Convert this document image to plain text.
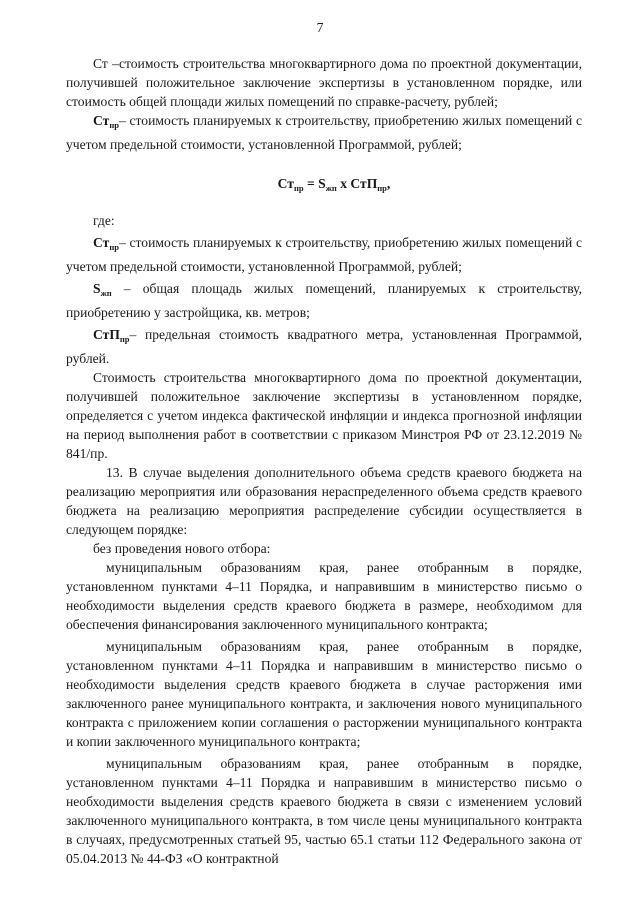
7

Ст –стоимость строительства многоквартирного дома по проектной документации, получившей положительное заключение экспертизы в установленном порядке, или стоимость общей площади жилых помещений по справке-расчету, рублей;

$Ст_{пр}-$ стоимость планируемых к строительству, приобретению жилых помещений с учетом предельной стоимости, установленной Программой, рублей;

$Ст_{пр} = S_{жп}$ х СтП$_{пр}$,

где:

$Ст_{пр}-$ стоимость планируемых к строительству, приобретению жилых помещений с учетом предельной стоимости, установленной Программой, рублей;

$S_{жп}$ – общая площадь жилых помещений, планируемых к строительству, приобретению у застройщика, кв. метров;

СтП$_{пр}$– предельная стоимость квадратного метра, установленная Программой, рублей.

Стоимость строительства многоквартирного дома по проектной документации, получившей положительное заключение экспертизы в установленном порядке, определяется с учетом индекса фактической инфляции и индекса прогнозной инфляции на период выполнения работ в соответствии с приказом Минстроя РФ от 23.12.2019 № 841/пр.

13. В случае выделения дополнительного объема средств краевого бюджета на реализацию мероприятия или образования нераспределенного объема средств краевого бюджета на реализацию мероприятия распределение субсидии осуществляется в следующем порядке:

без проведения нового отбора:

муниципальным образованиям края, ранее отобранным в порядке, установленном пунктами 4–11 Порядка, и направившим в министерство письмо о необходимости выделения средств краевого бюджета в размере, необходимом для обеспечения финансирования заключенного муниципального контракта;

муниципальным образованиям края, ранее отобранным в порядке, установленном пунктами 4–11 Порядка и направившим в министерство письмо о необходимости выделения средств краевого бюджета в случае расторжения ими заключенного ранее муниципального контракта, и заключения нового муниципального контракта с приложением копии соглашения о расторжении муниципального контракта и копии заключенного муниципального контракта;

муниципальным образованиям края, ранее отобранным в порядке, установленном пунктами 4–11 Порядка и направившим в министерство письмо о необходимости выделения средств краевого бюджета в связи с изменением условий заключенного муниципального контракта, в том числе цены муниципального контракта в случаях, предусмотренных статьей 95, частью 65.1 статьи 112 Федерального закона от 05.04.2013 № 44-ФЗ «О контрактной
